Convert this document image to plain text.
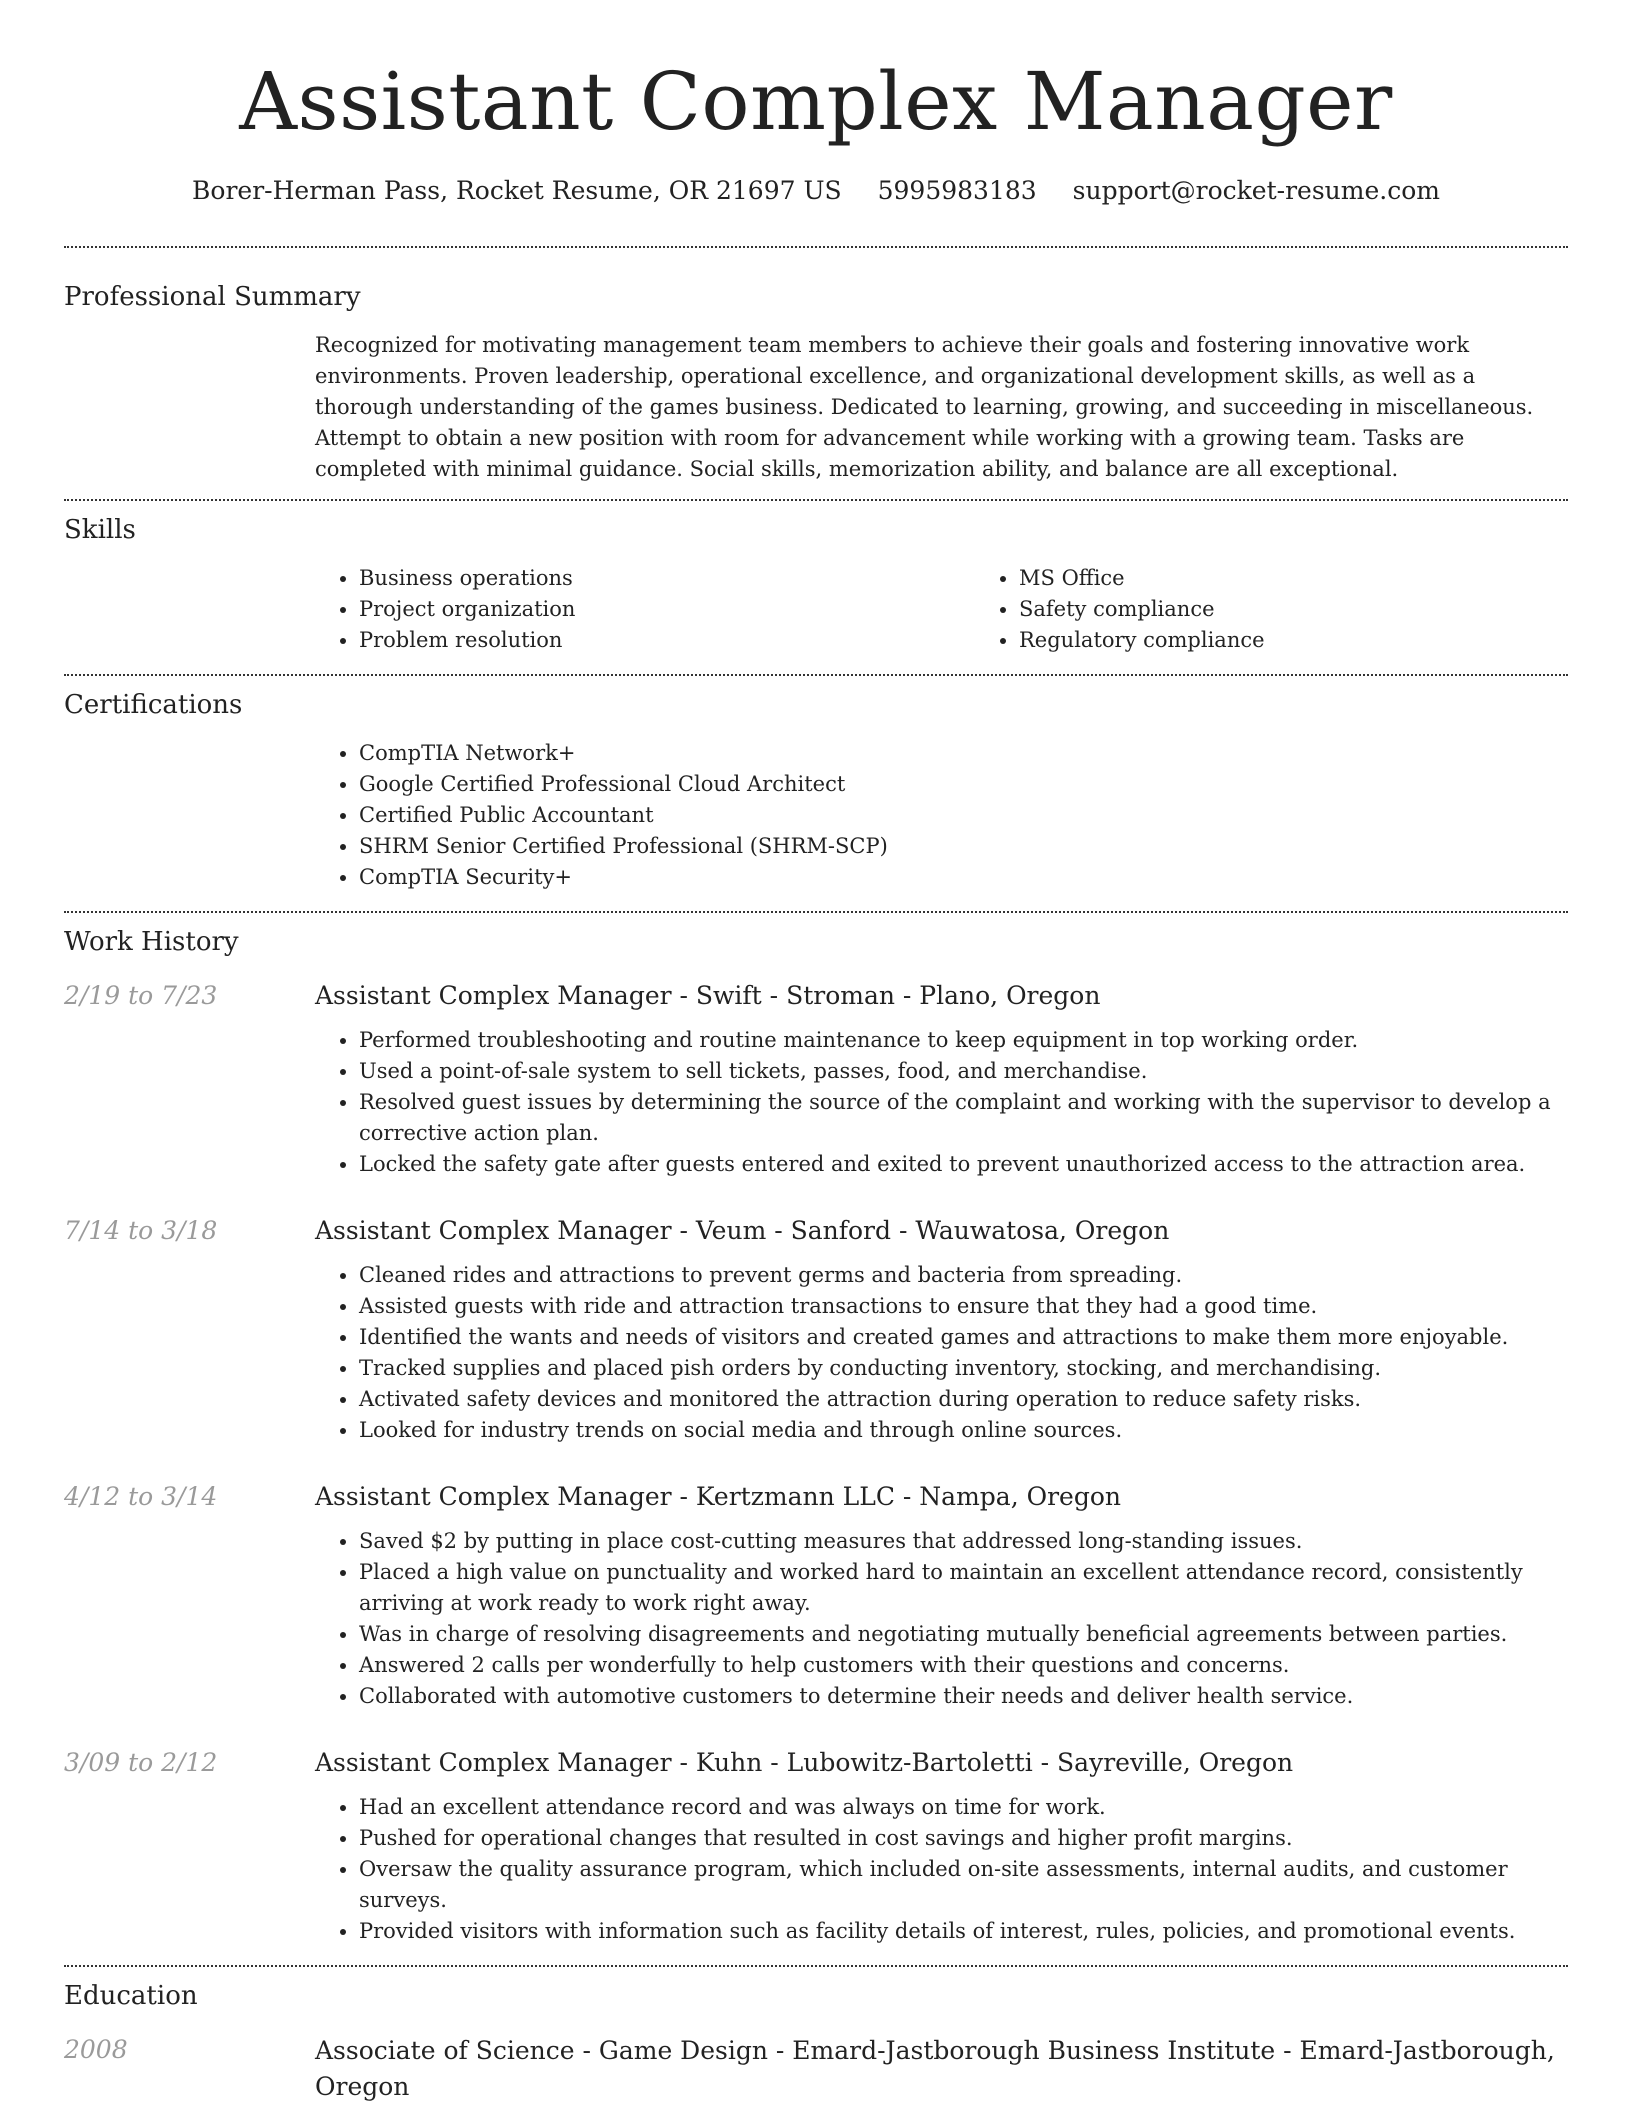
Assistant Complex Manager
Borer-Herman Pass, Rocket Resume, OR 21697 US 5995983183 support@rocket-resume.com
Professional Summary

Recognized for motivating management team members to achieve their goals and fostering innovative work environments. Proven leadership, operational excellence, and organizational development skills, as well as a thorough understanding of the games business. Dedicated to learning, growing, and succeeding in miscellaneous. Attempt to obtain a new position with room for advancement while working with a growing team. Tasks are completed with minimal guidance. Social skills, memorization ability, and balance are all exceptional.

Skills
• Business operations
• Project organization
• Problem resolution
• MS Office
• Safety compliance
• Regulatory compliance
Certifications
• CompTIA Network+
• Google Certified Professional Cloud Architect
• Certified Public Accountant
• SHRM Senior Certified Professional (SHRM-SCP)
• CompTIA Security+
Work History
2/19 to 7/23	Assistant Complex Manager - Swift - Stroman - Plano, Oregon
• Performed troubleshooting and routine maintenance to keep equipment in top working order.
• Used a point-of-sale system to sell tickets, passes, food, and merchandise.
• Resolved guest issues by determining the source of the complaint and working with the supervisor to develop a corrective action plan.
• Locked the safety gate after guests entered and exited to prevent unauthorized access to the attraction area.
7/14 to 3/18	Assistant Complex Manager - Veum - Sanford - Wauwatosa, Oregon
• Cleaned rides and attractions to prevent germs and bacteria from spreading.
• Assisted guests with ride and attraction transactions to ensure that they had a good time.
• Identified the wants and needs of visitors and created games and attractions to make them more enjoyable.
• Tracked supplies and placed pish orders by conducting inventory, stocking, and merchandising.
• Activated safety devices and monitored the attraction during operation to reduce safety risks.
• Looked for industry trends on social media and through online sources.
4/12 to 3/14	Assistant Complex Manager - Kertzmann LLC - Nampa, Oregon
• Saved $2 by putting in place cost-cutting measures that addressed long-standing issues.
• Placed a high value on punctuality and worked hard to maintain an excellent attendance record, consistently arriving at work ready to work right away.
• Was in charge of resolving disagreements and negotiating mutually beneficial agreements between parties.
• Answered 2 calls per wonderfully to help customers with their questions and concerns.
• Collaborated with automotive customers to determine their needs and deliver health service.
3/09 to 2/12	Assistant Complex Manager - Kuhn - Lubowitz-Bartoletti - Sayreville, Oregon
• Had an excellent attendance record and was always on time for work.
• Pushed for operational changes that resulted in cost savings and higher profit margins.
• Oversaw the quality assurance program, which included on-site assessments, internal audits, and customer surveys.
• Provided visitors with information such as facility details of interest, rules, policies, and promotional events.
Education
2008	Associate of Science - Game Design - Emard-Jastborough Business Institute - Emard-Jastborough, Oregon
